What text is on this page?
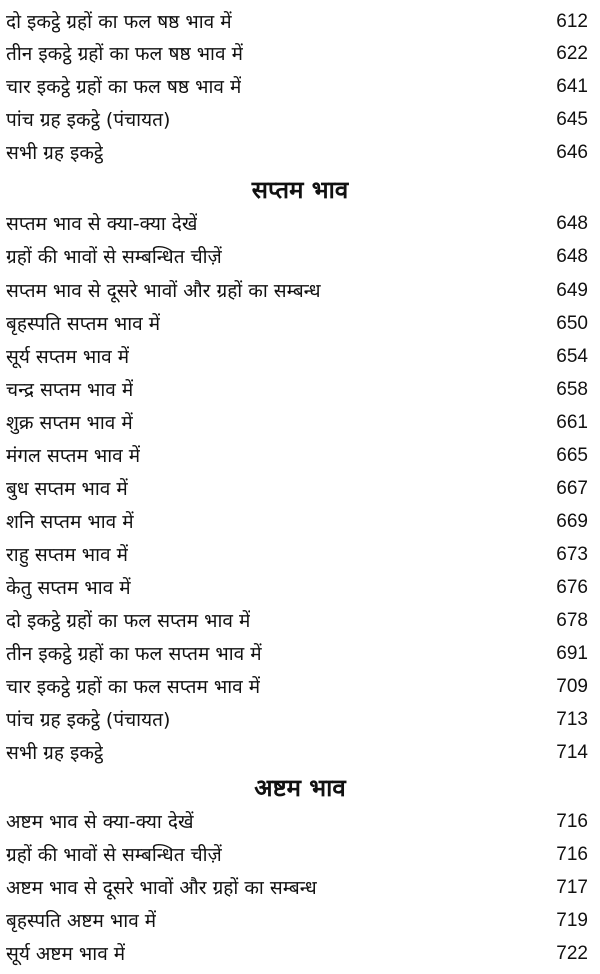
दो इकट्ठे ग्रहों का फल षष्ठ भाव में	612
तीन इकट्ठे ग्रहों का फल षष्ठ भाव में	622
चार इकट्ठे ग्रहों का फल षष्ठ भाव में	641
पांच ग्रह इकट्ठे (पंचायत)	645
सभी ग्रह इकट्ठे	646
सप्तम भाव
सप्तम भाव से क्या-क्या देखें	648
ग्रहों की भावों से सम्बन्धित चीज़ें	648
सप्तम भाव से दूसरे भावों और ग्रहों का सम्बन्ध	649
बृहस्पति सप्तम भाव में	650
सूर्य सप्तम भाव में	654
चन्द्र सप्तम भाव में	658
शुक्र सप्तम भाव में	661
मंगल सप्तम भाव में	665
बुध सप्तम भाव में	667
शनि सप्तम भाव में	669
राहु सप्तम भाव में	673
केतु सप्तम भाव में	676
दो इकट्ठे ग्रहों का फल सप्तम भाव में	678
तीन इकट्ठे ग्रहों का फल सप्तम भाव में	691
चार इकट्ठे ग्रहों का फल सप्तम भाव में	709
पांच ग्रह इकट्ठे (पंचायत)	713
सभी ग्रह इकट्ठे	714
अष्टम भाव
अष्टम भाव से क्या-क्या देखें	716
ग्रहों की भावों से सम्बन्धित चीज़ें	716
अष्टम भाव से दूसरे भावों और ग्रहों का सम्बन्ध	717
बृहस्पति अष्टम भाव में	719
सूर्य अष्टम भाव में	722
